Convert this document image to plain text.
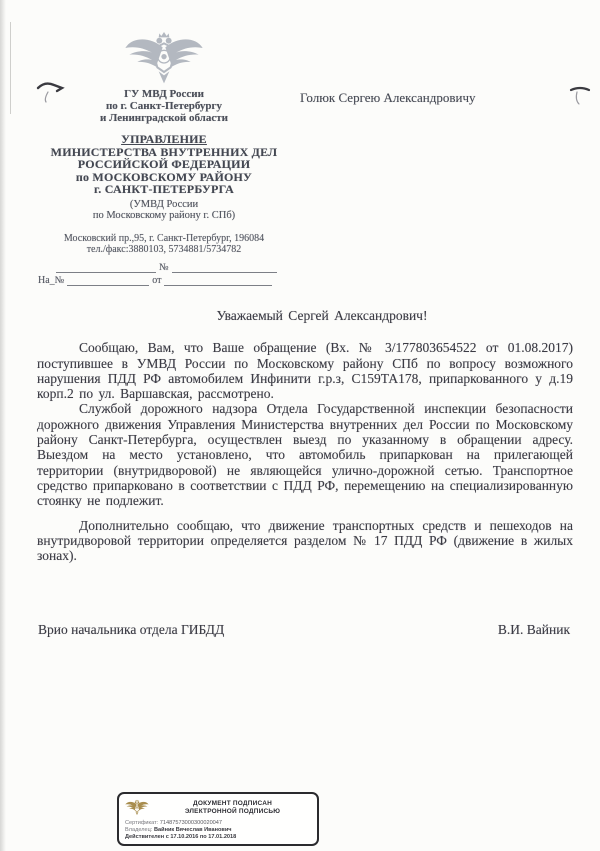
ГУ МВД России
по г. Санкт-Петербургу
и Ленинградской области
УПРАВЛЕНИЕ
МИНИСТЕРСТВА ВНУТРЕННИХ ДЕЛ
РОССИЙСКОЙ ФЕДЕРАЦИИ
по МОСКОВСКОМУ РАЙОНУ
г. САНКТ-ПЕТЕРБУРГА
(УМВД России
по Московскому району г. СПб)
Московский пр.,95, г. Санкт-Петербург, 196084
тел./факс:3880103, 5734881/5734782
№
На_№	от
Голюк Сергею Александровичу

Уважаемый Сергей Александрович!

Сообщаю, Вам, что Ваше обращение (Вх. № 3/177803654522 от 01.08.2017) поступившее в УМВД России по Московскому району СПб по вопросу возможного нарушения ПДД РФ автомобилем Инфинити г.р.з, С159ТА178, припаркованного у д.19 корп.2 по ул. Варшавская, рассмотрено.

Службой дорожного надзора Отдела Государственной инспекции безопасности дорожного движения Управления Министерства внутренних дел России по Московскому району Санкт-Петербурга, осуществлен выезд по указанному в обращении адресу. Выездом на место установлено, что автомобиль припаркован на прилегающей территории (внутридворовой) не являющейся улично-дорожной сетью. Транспортное средство припарковано в соответствии с ПДД РФ, перемещению на специализированную стоянку не подлежит.

Дополнительно сообщаю, что движение транспортных средств и пешеходов на внутридворовой территории определяется разделом № 17 ПДД РФ (движение в жилых зонах).

Врио начальника отдела ГИБДД	В.И. Вайник
ДОКУМЕНТ ПОДПИСАН
ЭЛЕКТРОННОЙ ПОДПИСЬЮ
Сертификат: 71487573000300020047
Владелец: Вайник Вячеслав Иванович
Действителен с 17.10.2016 по 17.01.2018
